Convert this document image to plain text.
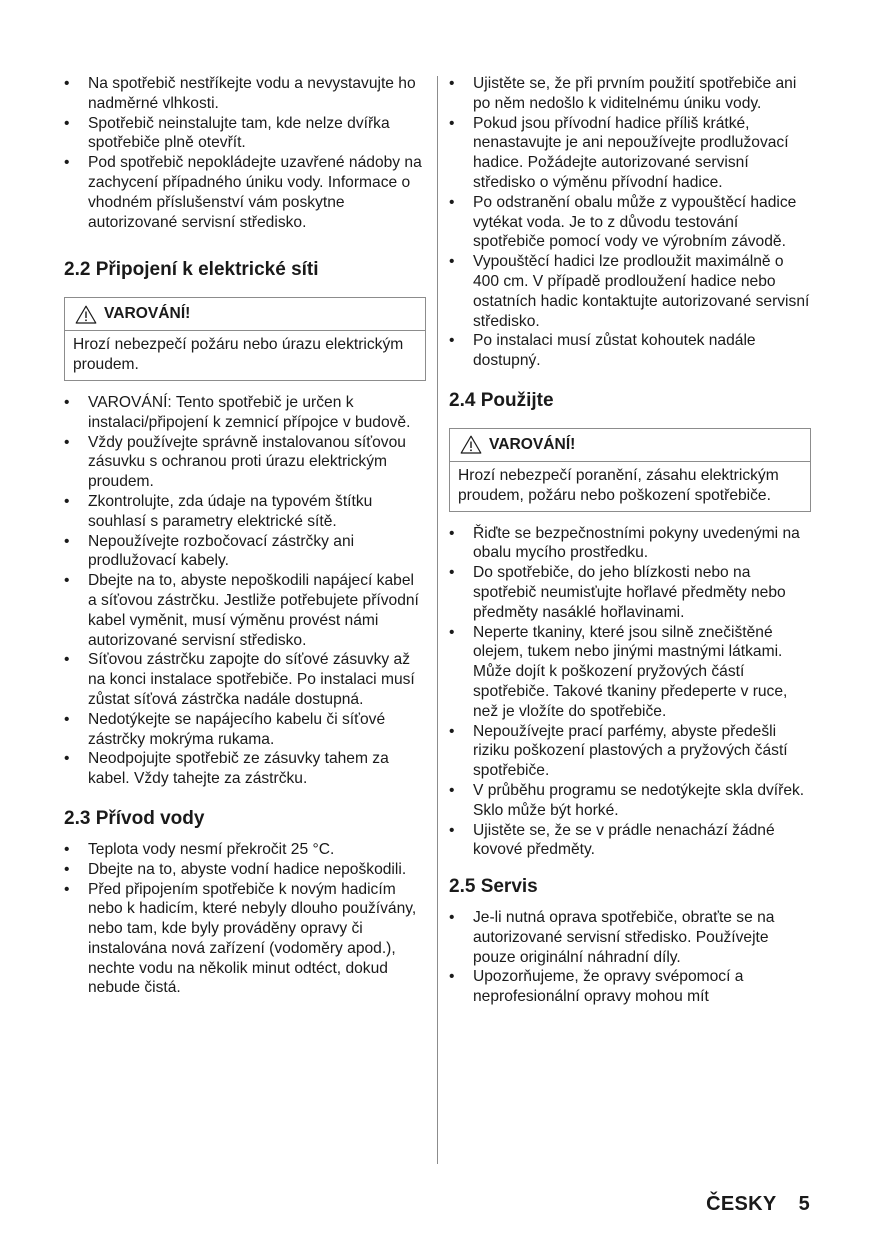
• Na spotřebič nestříkejte vodu a nevystavujte ho nadměrné vlhkosti.
• Spotřebič neinstalujte tam, kde nelze dvířka spotřebiče plně otevřít.
• Pod spotřebič nepokládejte uzavřené nádoby na zachycení případného úniku vody. Informace o vhodném příslušenství vám poskytne autorizované servisní středisko.
2.2 Připojení k elektrické síti
VAROVÁNÍ!
Hrozí nebezpečí požáru nebo úrazu elektrickým proudem.
• VAROVÁNÍ: Tento spotřebič je určen k instalaci/připojení k zemnicí přípojce v budově.
• Vždy používejte správně instalovanou síťovou zásuvku s ochranou proti úrazu elektrickým proudem.
• Zkontrolujte, zda údaje na typovém štítku souhlasí s parametry elektrické sítě.
• Nepoužívejte rozbočovací zástrčky ani prodlužovací kabely.
• Dbejte na to, abyste nepoškodili napájecí kabel a síťovou zástrčku. Jestliže potřebujete přívodní kabel vyměnit, musí výměnu provést námi autorizované servisní středisko.
• Síťovou zástrčku zapojte do síťové zásuvky až na konci instalace spotřebiče. Po instalaci musí zůstat síťová zástrčka nadále dostupná.
• Nedotýkejte se napájecího kabelu či síťové zástrčky mokrýma rukama.
• Neodpojujte spotřebič ze zásuvky tahem za kabel. Vždy tahejte za zástrčku.
2.3 Přívod vody
• Teplota vody nesmí překročit 25 °C.
• Dbejte na to, abyste vodní hadice nepoškodili.
• Před připojením spotřebiče k novým hadicím nebo k hadicím, které nebyly dlouho používány, nebo tam, kde byly prováděny opravy či instalována nová zařízení (vodoměry apod.), nechte vodu na několik minut odtéct, dokud nebude čistá.
• Ujistěte se, že při prvním použití spotřebiče ani po něm nedošlo k viditelnému úniku vody.
• Pokud jsou přívodní hadice příliš krátké, nenastavujte je ani nepoužívejte prodlužovací hadice. Požádejte autorizované servisní středisko o výměnu přívodní hadice.
• Po odstranění obalu může z vypouštěcí hadice vytékat voda. Je to z důvodu testování spotřebiče pomocí vody ve výrobním závodě.
• Vypouštěcí hadici lze prodloužit maximálně o 400 cm. V případě prodloužení hadice nebo ostatních hadic kontaktujte autorizované servisní středisko.
• Po instalaci musí zůstat kohoutek nadále dostupný.
2.4 Použijte
VAROVÁNÍ!
Hrozí nebezpečí poranění, zásahu elektrickým proudem, požáru nebo poškození spotřebiče.
• Řiďte se bezpečnostními pokyny uvedenými na obalu mycího prostředku.
• Do spotřebiče, do jeho blízkosti nebo na spotřebič neumisťujte hořlavé předměty nebo předměty nasáklé hořlavinami.
• Neperte tkaniny, které jsou silně znečištěné olejem, tukem nebo jinými mastnými látkami. Může dojít k poškození pryžových částí spotřebiče. Takové tkaniny předeperte v ruce, než je vložíte do spotřebiče.
• Nepoužívejte prací parfémy, abyste předešli riziku poškození plastových a pryžových částí spotřebiče.
• V průběhu programu se nedotýkejte skla dvířek. Sklo může být horké.
• Ujistěte se, že se v prádle nenachází žádné kovové předměty.
2.5 Servis
• Je-li nutná oprava spotřebiče, obraťte se na autorizované servisní středisko. Používejte pouze originální náhradní díly.
• Upozorňujeme, že opravy svépomocí a neprofesionální opravy mohou mít
ČESKY 5
